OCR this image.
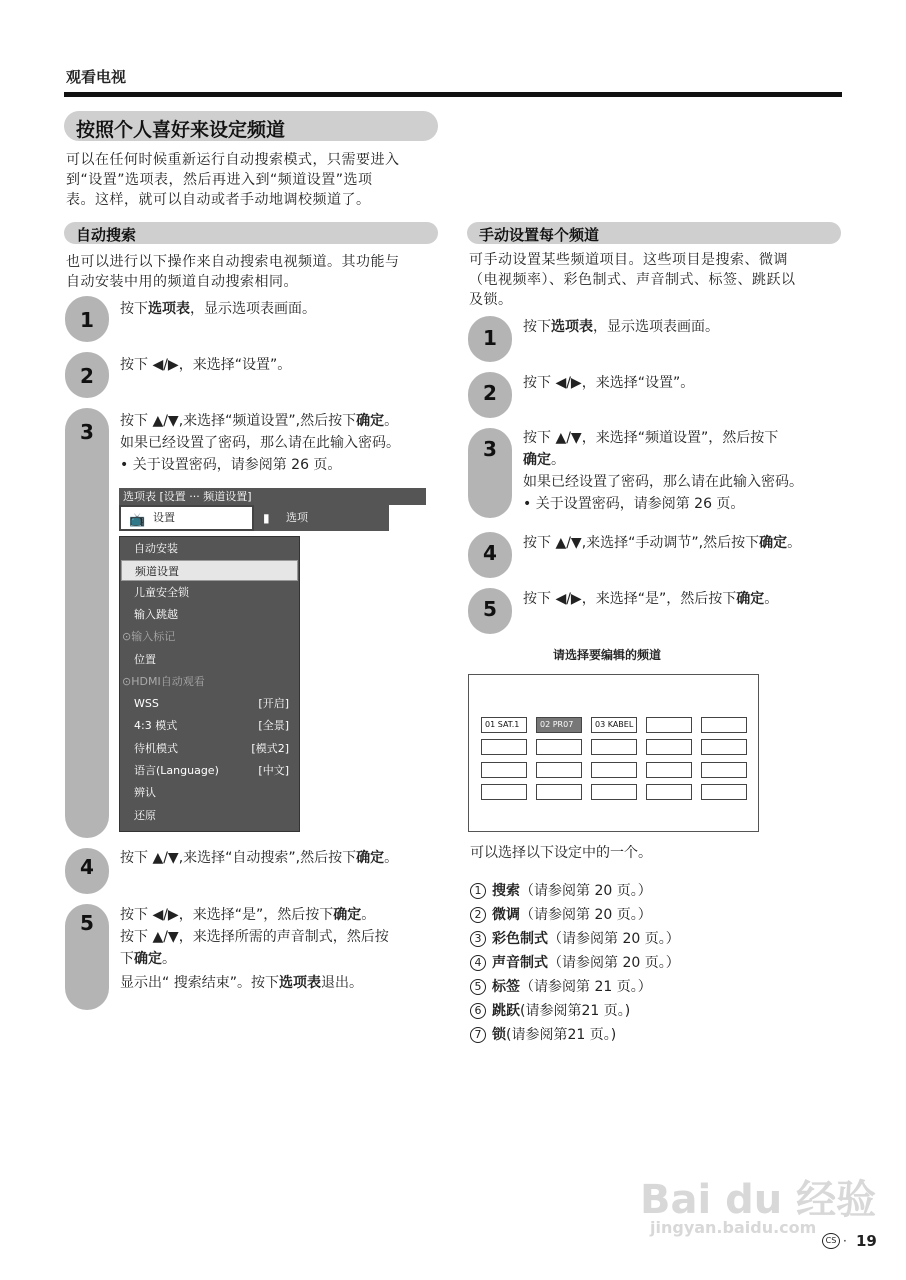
观看电视
按照个人喜好来设定频道
可以在任何时候重新运行自动搜索模式，只需要进入
到“设置”选项表，然后再进入到“频道设置”选项
表。这样，就可以自动或者手动地调校频道了。
自动搜索
也可以进行以下操作来自动搜索电视频道。其功能与
自动安装中用的频道自动搜索相同。
1	按下选项表，显示选项表画面。
2	按下 ◀/▶，来选择“设置”。
3	按下 ▲/▼,来选择“频道设置”,然后按下确定。
如果已经设置了密码，那么请在此输入密码。
• 关于设置密码，请参阅第 26 页。
选项表 [设置 ··· 频道设置]
📺 设置	▮ 选项
自动安装
频道设置
儿童安全锁
输入跳越
⊙输入标记
位置
⊙HDMI自动观看
WSS	[开启]
4:3 模式	[全景]
待机模式	[模式2]
语言(Language)	[中文]
辨认
还原
4	按下 ▲/▼,来选择“自动搜索”,然后按下确定。
5	按下 ◀/▶，来选择“是”，然后按下确定。
按下 ▲/▼，来选择所需的声音制式，然后按
下确定。
显示出“ 搜索结束”。按下选项表退出。
手动设置每个频道
可手动设置某些频道项目。这些项目是搜索、微调
（电视频率）、彩色制式、声音制式、标签、跳跃以
及锁。
1	按下选项表，显示选项表画面。
2	按下 ◀/▶，来选择“设置”。
3	按下 ▲/▼，来选择“频道设置”，然后按下
确定。
如果已经设置了密码，那么请在此输入密码。
• 关于设置密码，请参阅第 26 页。
4	按下 ▲/▼,来选择“手动调节”,然后按下确定。
5	按下 ◀/▶，来选择“是”，然后按下确定。
请选择要编辑的频道
01 SAT.1	02 PR07	03 KABEL
可以选择以下设定中的一个。
1 搜索（请参阅第 20 页。）
2 微调（请参阅第 20 页。）
3 彩色制式（请参阅第 20 页。）
4 声音制式（请参阅第 20 页。）
5 标签（请参阅第 21 页。）
6 跳跃(请参阅第21 页。)
7 锁(请参阅第21 页。)
Bai du 经验
jingyan.baidu.com
CS · 19
